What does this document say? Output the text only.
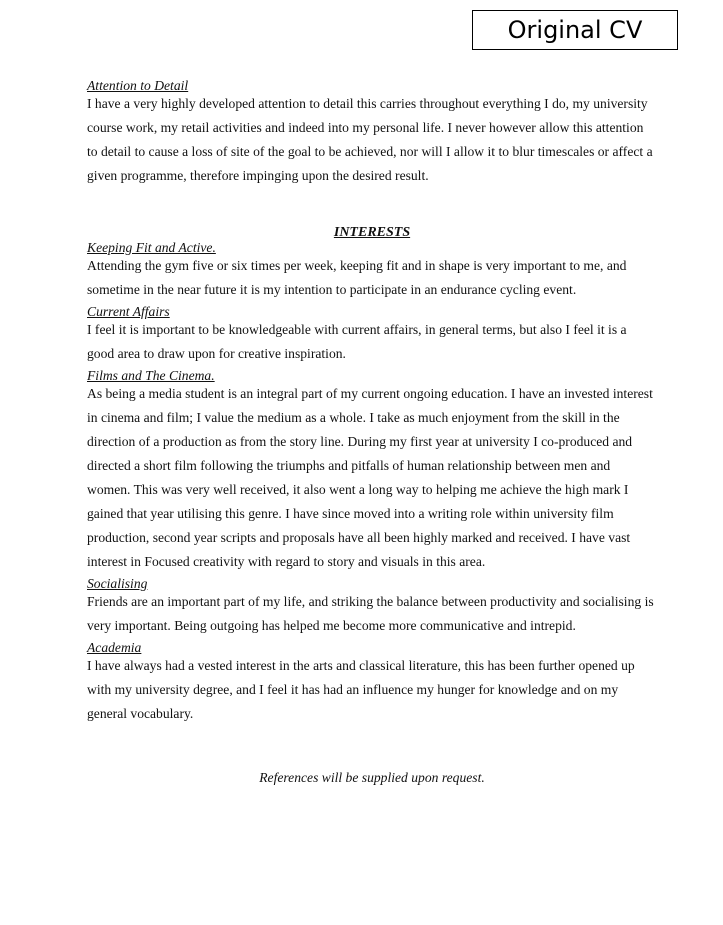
Original CV
Attention to Detail
I have a very highly developed attention to detail this carries throughout everything I do, my university course work, my retail activities and indeed into my personal life. I never however allow this attention to detail to cause a loss of site of the goal to be achieved, nor will I allow it to blur timescales or affect a given programme, therefore impinging upon the desired result.
INTERESTS
Keeping Fit and Active.
Attending the gym five or six times per week, keeping fit and in shape is very important to me, and sometime in the near future it is my intention to participate in an endurance cycling event.
Current Affairs
I feel it is important to be knowledgeable with current affairs, in general terms, but also I feel it is a good area to draw upon for creative inspiration.
Films and The Cinema.
As being a media student is an integral part of my current ongoing education. I have an invested interest in cinema and film; I value the medium as a whole. I take as much enjoyment from the skill in the direction of a production as from the story line. During my first year at university I co-produced and directed a short film following the triumphs and pitfalls of human relationship between men and women. This was very well received, it also went a long way to helping me achieve the high mark I gained that year utilising this genre. I have since moved into a writing role within university film production, second year scripts and proposals have all been highly marked and received. I have vast interest in Focused creativity with regard to story and visuals in this area.
Socialising
Friends are an important part of my life, and striking the balance between productivity and socialising is very important. Being outgoing has helped me become more communicative and intrepid.
Academia
I have always had a vested interest in the arts and classical literature, this has been further opened up with my university degree, and I feel it has had an influence my hunger for knowledge and on my general vocabulary.
References will be supplied upon request.
